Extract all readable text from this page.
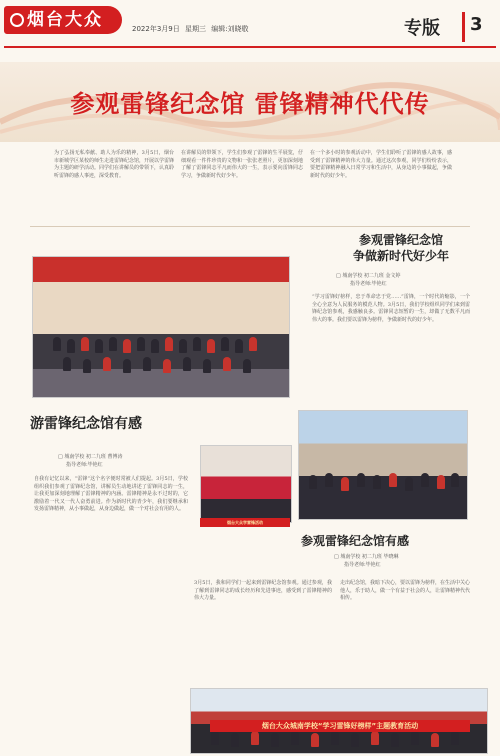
烟台大众	2022年3月9日 星期三 编辑:刘晓敬	专版 3
参观雷锋纪念馆 雷锋精神代代传
为了弘扬无私奉献、助人为乐的精神，3月5日，烟台市新城学区某校的师生走进雷锋纪念馆，开展以学雷锋为主题的研学活动。同学们在讲解员的带领下，认真聆听雷锋的感人事迹，深受教育。
在讲解员的带领下，学生们参观了雷锋的生平展览，仔细观看一件件珍贵的文物和一张张老照片，更加深刻地了解了雷锋同志平凡而伟大的一生，表示要向雷锋同志学习，争做新时代好少年。
在一个多小时的参观活动中，学生们聆听了雷锋的感人故事，感受到了雷锋精神的伟大力量。通过这次参观，同学们纷纷表示，要把雷锋精神融入日常学习和生活中，从身边的小事做起，争做新时代的好少年。
参观雷锋纪念馆
争做新时代好少年
□ 城南学校 初二九班 金文婷
指导老师:毕艳红
“学习雷锋好榜样，忠于革命忠于党……”雷锋，一个时代的缩影，一个全心全意为人民服务的模范人物。3月5日，我们学校组织同学们来到雷锋纪念馆参观，我感触良多。雷锋同志短暂的一生，却做了无数平凡而伟大的事。我们要以雷锋为榜样，争做新时代的好少年。
游雷锋纪念馆有感
□ 城南学校 初二九班 曹博涛
指导老师:毕艳红
自我有记忆以来，“雷锋”这个名字便时常被人们提起。3月5日，学校组织我们参观了雷锋纪念馆，讲解员生动地讲述了雷锋同志的一生，让我更加深刻地理解了雷锋精神的内涵。雷锋精神是永不过时的，它激励着一代又一代人奋勇前进。作为新时代的青少年，我们要继承和发扬雷锋精神，从小事做起，从身边做起，做一个对社会有用的人。
烟台大众学雷锋活动
参观雷锋纪念馆有感
□ 城南学校 初二九班 毕晓琳
指导老师:毕艳红
3月5日，我和同学们一起来到雷锋纪念馆参观。通过参观，我了解到雷锋同志的成长经历和先进事迹，感受到了雷锋精神的伟大力量。
走出纪念馆，我暗下决心，要以雷锋为榜样，在生活中关心他人，乐于助人，做一个有益于社会的人，让雷锋精神代代相传。
烟台大众城南学校“学习雷锋好榜样”主题教育活动
